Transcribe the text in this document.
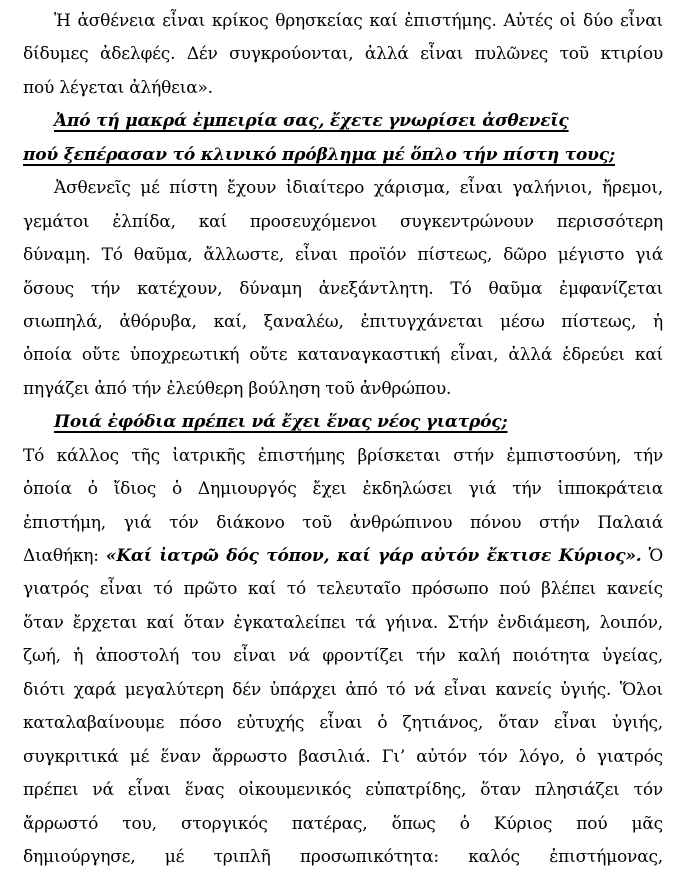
Ἡ ἀσθένεια εἶναι κρίκος θρησκείας καί ἐπιστήμης. Αὐτές οἱ δύο εἶναι
δίδυμες ἀδελφές. Δέν συγκρούονται, ἀλλά εἶναι πυλῶνες τοῦ κτιρίου
πού λέγεται ἀλήθεια».
Ἀπό τή μακρά ἐμπειρία σας, ἔχετε γνωρίσει ἀσθενεῖς
πού ξεπέρασαν τό κλινικό πρόβλημα μέ ὅπλο τήν πίστη τους;
Ἀσθενεῖς μέ πίστη ἔχουν ἰδιαίτερο χάρισμα, εἶναι γαλήνιοι, ἤρεμοι,
γεμάτοι ἐλπίδα, καί προσευχόμενοι συγκεντρώνουν περισσότερη
δύναμη. Τό θαῦμα, ἄλλωστε, εἶναι προϊόν πίστεως, δῶρο μέγιστο γιά
ὅσους τήν κατέχουν, δύναμη ἀνεξάντλητη. Τό θαῦμα ἐμφανίζεται
σιωπηλά, ἀθόρυβα, καί, ξαναλέω, ἐπιτυγχάνεται μέσω πίστεως, ἡ
ὁποία οὔτε ὑποχρεωτική οὔτε καταναγκαστική εἶναι, ἀλλά ἑδρεύει καί
πηγάζει ἀπό τήν ἐλεύθερη βούληση τοῦ ἀνθρώπου.
Ποιά ἐφόδια πρέπει νά ἔχει ἕνας νέος γιατρός;
Τό κάλλος τῆς ἰατρικῆς ἐπιστήμης βρίσκεται στήν ἐμπιστοσύνη, τήν
ὁποία ὁ ἴδιος ὁ Δημιουργός ἔχει ἐκδηλώσει γιά τήν ἱπποκράτεια
ἐπιστήμη, γιά τόν διάκονο τοῦ ἀνθρώπινου πόνου στήν Παλαιά
Διαθήκη: «Καί ἰατρῶ δός τόπον, καί γάρ αὐτόν ἔκτισε Κύριος». Ὁ
γιατρός εἶναι τό πρῶτο καί τό τελευταῖο πρόσωπο πού βλέπει κανείς
ὅταν ἔρχεται καί ὅταν ἐγκαταλείπει τά γήινα. Στήν ἐνδιάμεση, λοιπόν,
ζωή, ἡ ἀποστολή του εἶναι νά φροντίζει τήν καλή ποιότητα ὑγείας,
διότι χαρά μεγαλύτερη δέν ὑπάρχει ἀπό τό νά εἶναι κανείς ὑγιής. Ὅλοι
καταλαβαίνουμε πόσο εὐτυχής εἶναι ὁ ζητιάνος, ὅταν εἶναι ὑγιής,
συγκριτικά μέ ἕναν ἄρρωστο βασιλιά. Γι’ αὐτόν τόν λόγο, ὁ γιατρός
πρέπει νά εἶναι ἕνας οἰκουμενικός εὐπατρίδης, ὅταν πλησιάζει τόν
ἄρρωστό του, στοργικός πατέρας, ὅπως ὁ Κύριος πού μᾶς
δημιούργησε, μέ τριπλῆ προσωπικότητα: καλός ἐπιστήμονας,
